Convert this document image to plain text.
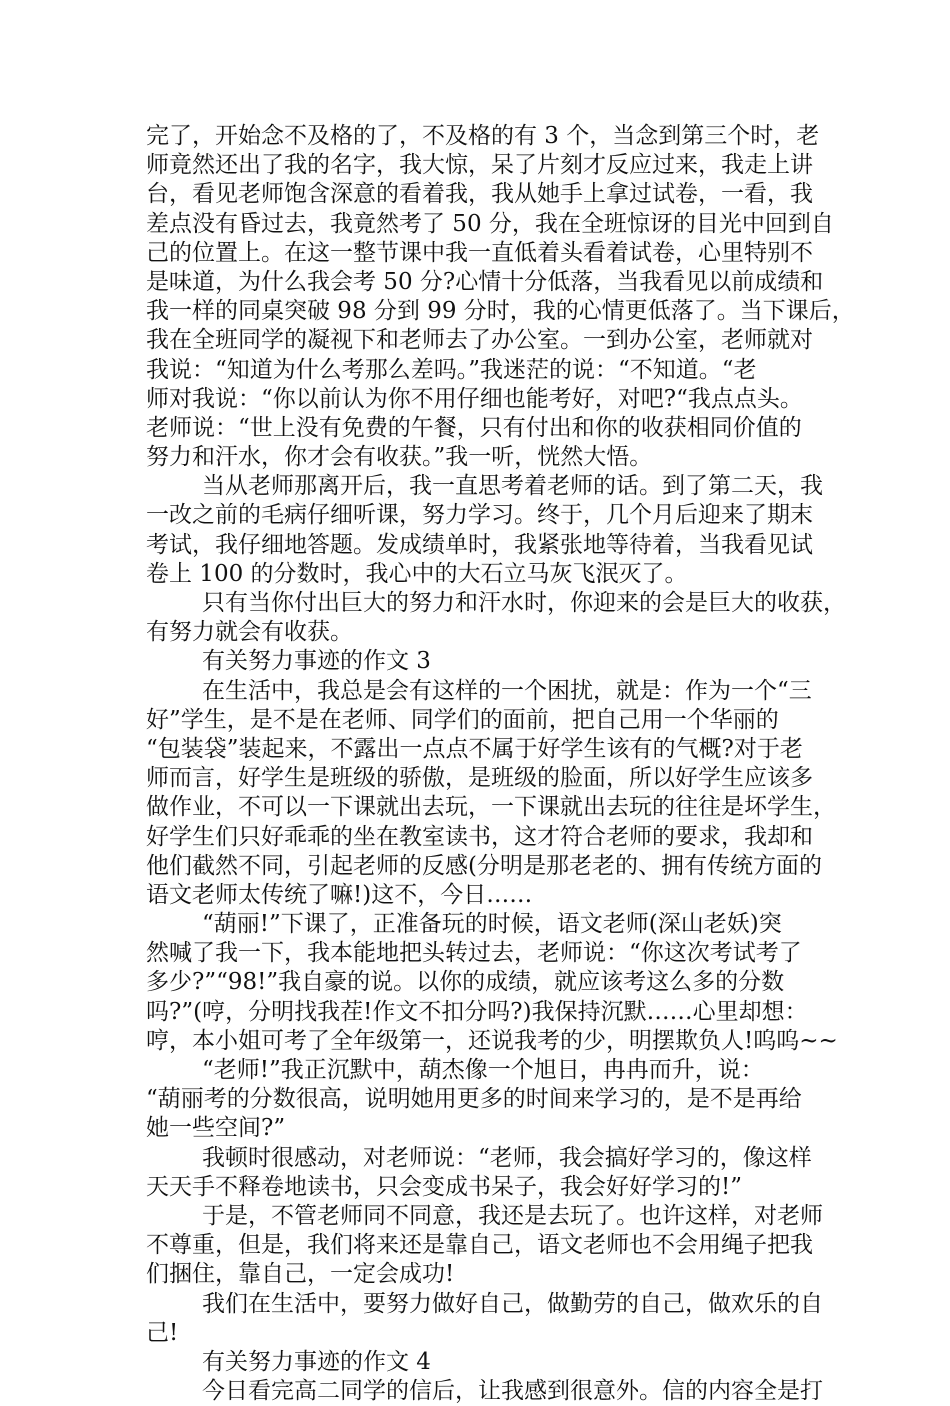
完了，开始念不及格的了，不及格的有 3 个，当念到第三个时，老
师竟然还出了我的名字，我大惊，呆了片刻才反应过来，我走上讲
台，看见老师饱含深意的看着我，我从她手上拿过试卷，一看，我
差点没有昏过去，我竟然考了 50 分，我在全班惊讶的目光中回到自
己的位置上。在这一整节课中我一直低着头看着试卷，心里特别不
是味道，为什么我会考 50 分?心情十分低落，当我看见以前成绩和
我一样的同桌突破 98 分到 99 分时，我的心情更低落了。当下课后，
我在全班同学的凝视下和老师去了办公室。一到办公室，老师就对
我说：“知道为什么考那么差吗。”我迷茫的说：“不知道。“老
师对我说：“你以前认为你不用仔细也能考好，对吧?“我点点头。
老师说：“世上没有免费的午餐，只有付出和你的收获相同价值的
努力和汗水，你才会有收获。”我一听，恍然大悟。
当从老师那离开后，我一直思考着老师的话。到了第二天，我
一改之前的毛病仔细听课，努力学习。终于，几个月后迎来了期末
考试，我仔细地答题。发成绩单时，我紧张地等待着，当我看见试
卷上 100 的分数时，我心中的大石立马灰飞泯灭了。
只有当你付出巨大的努力和汗水时，你迎来的会是巨大的收获，
有努力就会有收获。
有关努力事迹的作文 3
在生活中，我总是会有这样的一个困扰，就是：作为一个“三
好”学生，是不是在老师、同学们的面前，把自己用一个华丽的
“包装袋”装起来，不露出一点点不属于好学生该有的气概?对于老
师而言，好学生是班级的骄傲，是班级的脸面，所以好学生应该多
做作业，不可以一下课就出去玩，一下课就出去玩的往往是坏学生，
好学生们只好乖乖的坐在教室读书，这才符合老师的要求，我却和
他们截然不同，引起老师的反感(分明是那老老的、拥有传统方面的
语文老师太传统了嘛!)这不，今日……
“葫丽!”下课了，正准备玩的时候，语文老师(深山老妖)突
然喊了我一下，我本能地把头转过去，老师说：“你这次考试考了
多少?”“98!”我自豪的说。以你的成绩，就应该考这么多的分数
吗?”(哼，分明找我茬!作文不扣分吗?)我保持沉默……心里却想：
哼，本小姐可考了全年级第一，还说我考的少，明摆欺负人!呜呜~~
“老师!”我正沉默中，葫杰像一个旭日，冉冉而升，说：
“葫丽考的分数很高，说明她用更多的时间来学习的，是不是再给
她一些空间?”
我顿时很感动，对老师说：“老师，我会搞好学习的，像这样
天天手不释卷地读书，只会变成书呆子，我会好好学习的!”
于是，不管老师同不同意，我还是去玩了。也许这样，对老师
不尊重，但是，我们将来还是靠自己，语文老师也不会用绳子把我
们捆住，靠自己，一定会成功!
我们在生活中，要努力做好自己，做勤劳的自己，做欢乐的自
己!
有关努力事迹的作文 4
今日看完高二同学的信后，让我感到很意外。信的内容全是打
